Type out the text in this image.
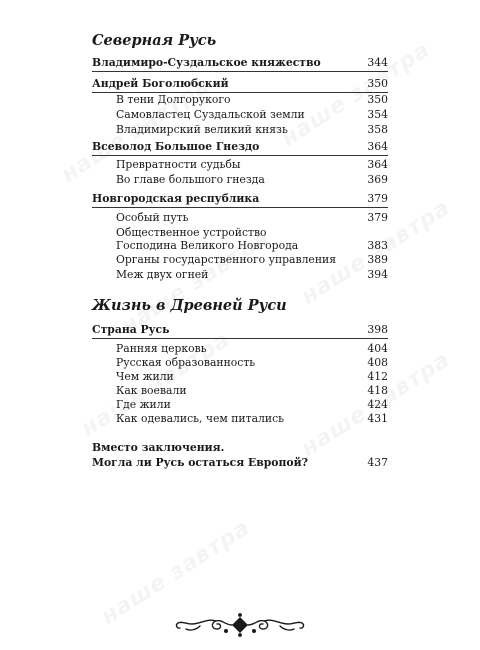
Северная Русь
Владимиро-Суздальское княжество	344
Андрей Боголюбский	350
В тени Долгорукого	350
Самовластец Суздальской земли	354
Владимирский великий князь	358
Всеволод Большое Гнездо	364
Превратности судьбы	364
Во главе большого гнезда	369
Новгородская республика	379
Особый путь	379
Общественное устройство
Господина Великого Новгорода	383
Органы государственного управления	389
Меж двух огней	394
Жизнь в Древней Руси
Страна Русь	398
Ранняя церковь	404
Русская образованность	408
Чем жили	412
Как воевали	418
Где жили	424
Как одевались, чем питались	431
Вместо заключения.
Могла ли Русь остаться Европой?	437
